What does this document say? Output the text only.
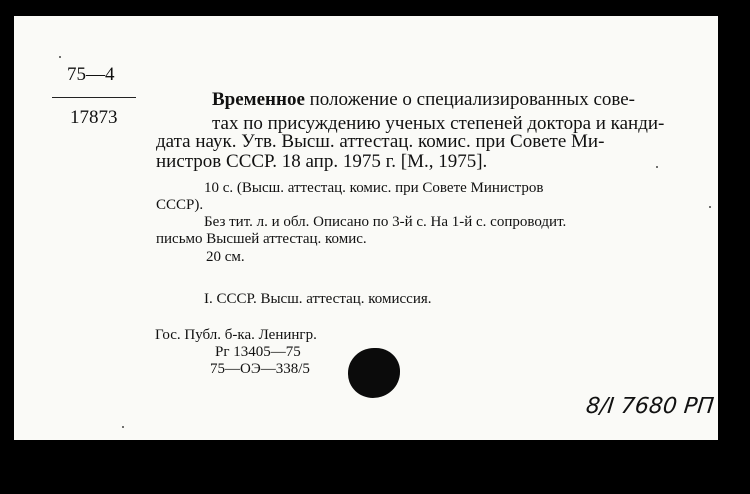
75—4
17873
Временное положение о специализированных сове-
тах по присуждению ученых степеней доктора и канди-
дата наук. Утв. Высш. аттестац. комис. при Совете Ми-
нистров СССР. 18 апр. 1975 г. [М., 1975].
10 с. (Высш. аттестац. комис. при Совете Министров
СССР).
Без тит. л. и обл. Описано по 3-й с. На 1-й с. сопроводит.
письмо Высшей аттестац. комис.
20 см.
I. СССР. Высш. аттестац. комиссия.
Гос. Публ. б-ка. Ленингр.
Рг 13405—75
75—ОЭ—338/5
8/I 7680 РП
